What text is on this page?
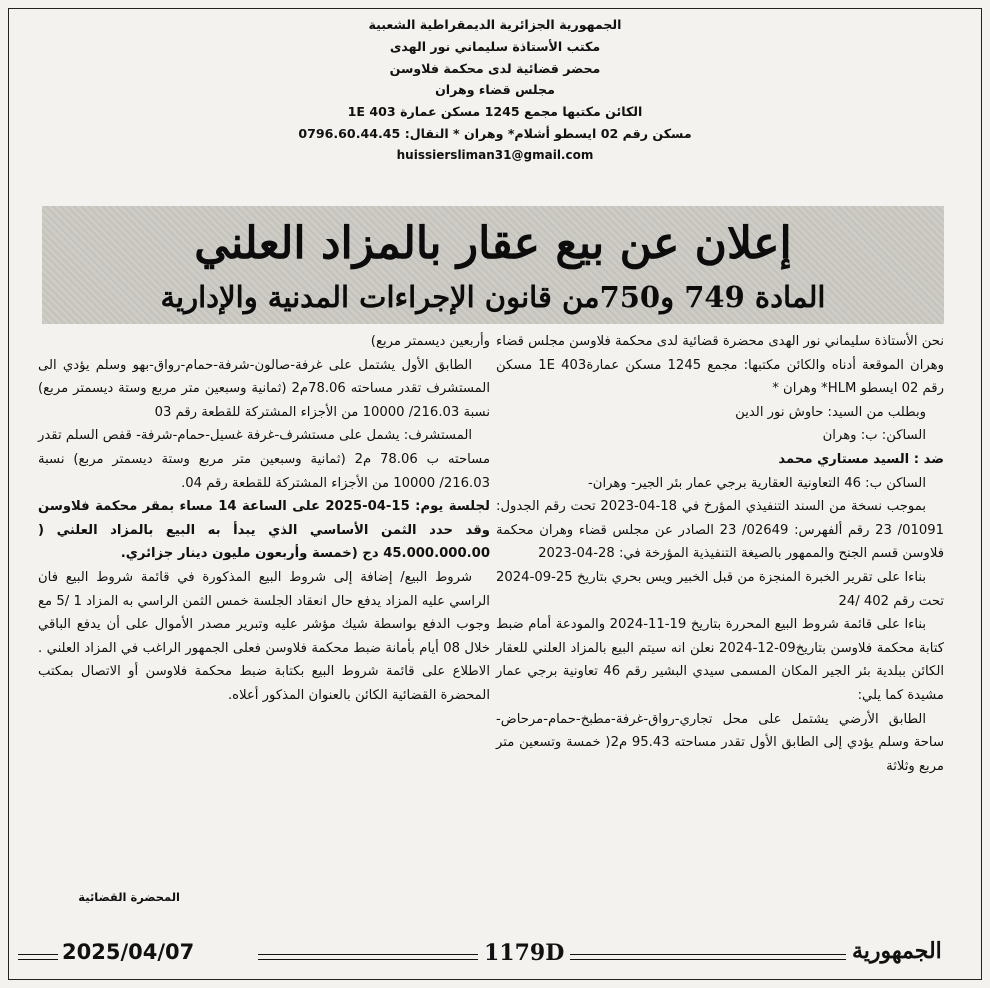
الجمهورية الجزائرية الديمقراطية الشعبية
مكتب الأستاذة سليماني نور الهدى
محضر قضائية لدى محكمة فلاوسن
مجلس قضاء وهران
الكائن مكتبها مجمع 1245 مسكن عمارة 1E 403
مسكن رقم 02 ايسطو أشلام* وهران * النقال: 0796.60.44.45
huissiersliman31@gmail.com
إعلان عن بيع عقار بالمزاد العلني
المادة 749 و750من قانون الإجراءات المدنية والإدارية

نحن الأستاذة سليماني نور الهدى محضرة قضائية لدى محكمة فلاوسن مجلس قضاء وهران الموقعة أدناه والكائن مكتبها: مجمع 1245 مسكن عمارة1E 403 مسكن رقم 02 ايسطو HLM* وهران *

وبطلب من السيد: حاوش نور الدين

الساكن: ب: وهران

ضد : السيد مستاري محمد

الساكن ب: 46 التعاونية العقارية برجي عمار بئر الجير- وهران-

بموجب نسخة من السند التنفيذي المؤرخ في 18-04-2023 تحت رقم الجدول: 01091/ 23 رقم ألفهرس: 02649/ 23 الصادر عن مجلس قضاء وهران محكمة فلاوسن قسم الجنح والممهور بالصيغة التنفيذية المؤرخة في: 28-04-2023

بناءا على تقرير الخبرة المنجزة من قبل الخبير ويس بحري بتاريخ 25-09-2024 تحت رقم 402 /24

بناءا على قائمة شروط البيع المحررة بتاريخ 19-11-2024 والمودعة أمام ضبط كتابة محكمة فلاوسن بتاريخ09-12-2024 نعلن انه سيتم البيع بالمزاد العلني للعقار الكائن ببلدية بئر الجير المكان المسمى سيدي البشير رقم 46 تعاونية برجي عمار مشيدة كما يلي:

الطابق الأرضي يشتمل على محل تجاري-رواق-غرفة-مطبخ-حمام-مرحاض-ساحة وسلم يؤدي إلى الطابق الأول تقدر مساحته 95.43 م2( خمسة وتسعين متر مربع وثلاثة

وأربعين ديسمتر مربع)

الطابق الأول يشتمل على غرفة-صالون-شرفة-حمام-رواق-بهو وسلم يؤدي الى المستشرف تقدر مساحته 78.06م2 (ثمانية وسبعين متر مربع وستة ديسمتر مربع) نسبة 216.03/ 10000 من الأجزاء المشتركة للقطعة رقم 03

المستشرف: يشمل على مستشرف-غرفة غسيل-حمام-شرفة- قفص السلم تقدر مساحته ب 78.06 م2 (ثمانية وسبعين متر مربع وستة ديسمتر مربع) نسبة 216.03/ 10000 من الأجزاء المشتركة للقطعة رقم 04.

لجلسة يوم: 15-04-2025 على الساعة 14 مساء بمقر محكمة فلاوسن وقد حدد الثمن الأساسي الذي يبدأ به البيع بالمزاد العلني ( 45.000.000.00 دج (خمسة وأربعون مليون دينار جزائري.

شروط البيع/ إضافة إلى شروط البيع المذكورة في قائمة شروط البيع فان الراسي عليه المزاد يدفع حال انعقاد الجلسة خمس الثمن الراسي به المزاد 1 /5 مع وجوب الدفع بواسطة شيك مؤشر عليه وتبرير مصدر الأموال على أن يدفع الباقي خلال 08 أيام بأمانة ضبط محكمة فلاوسن فعلى الجمهور الراغب في المزاد العلني . الاطلاع على قائمة شروط البيع بكتابة ضبط محكمة فلاوسن أو الاتصال بمكتب المحضرة القضائية الكائن بالعنوان المذكور أعلاه.

المحضرة القضائية
2025/04/07	1179D	الجمهورية
